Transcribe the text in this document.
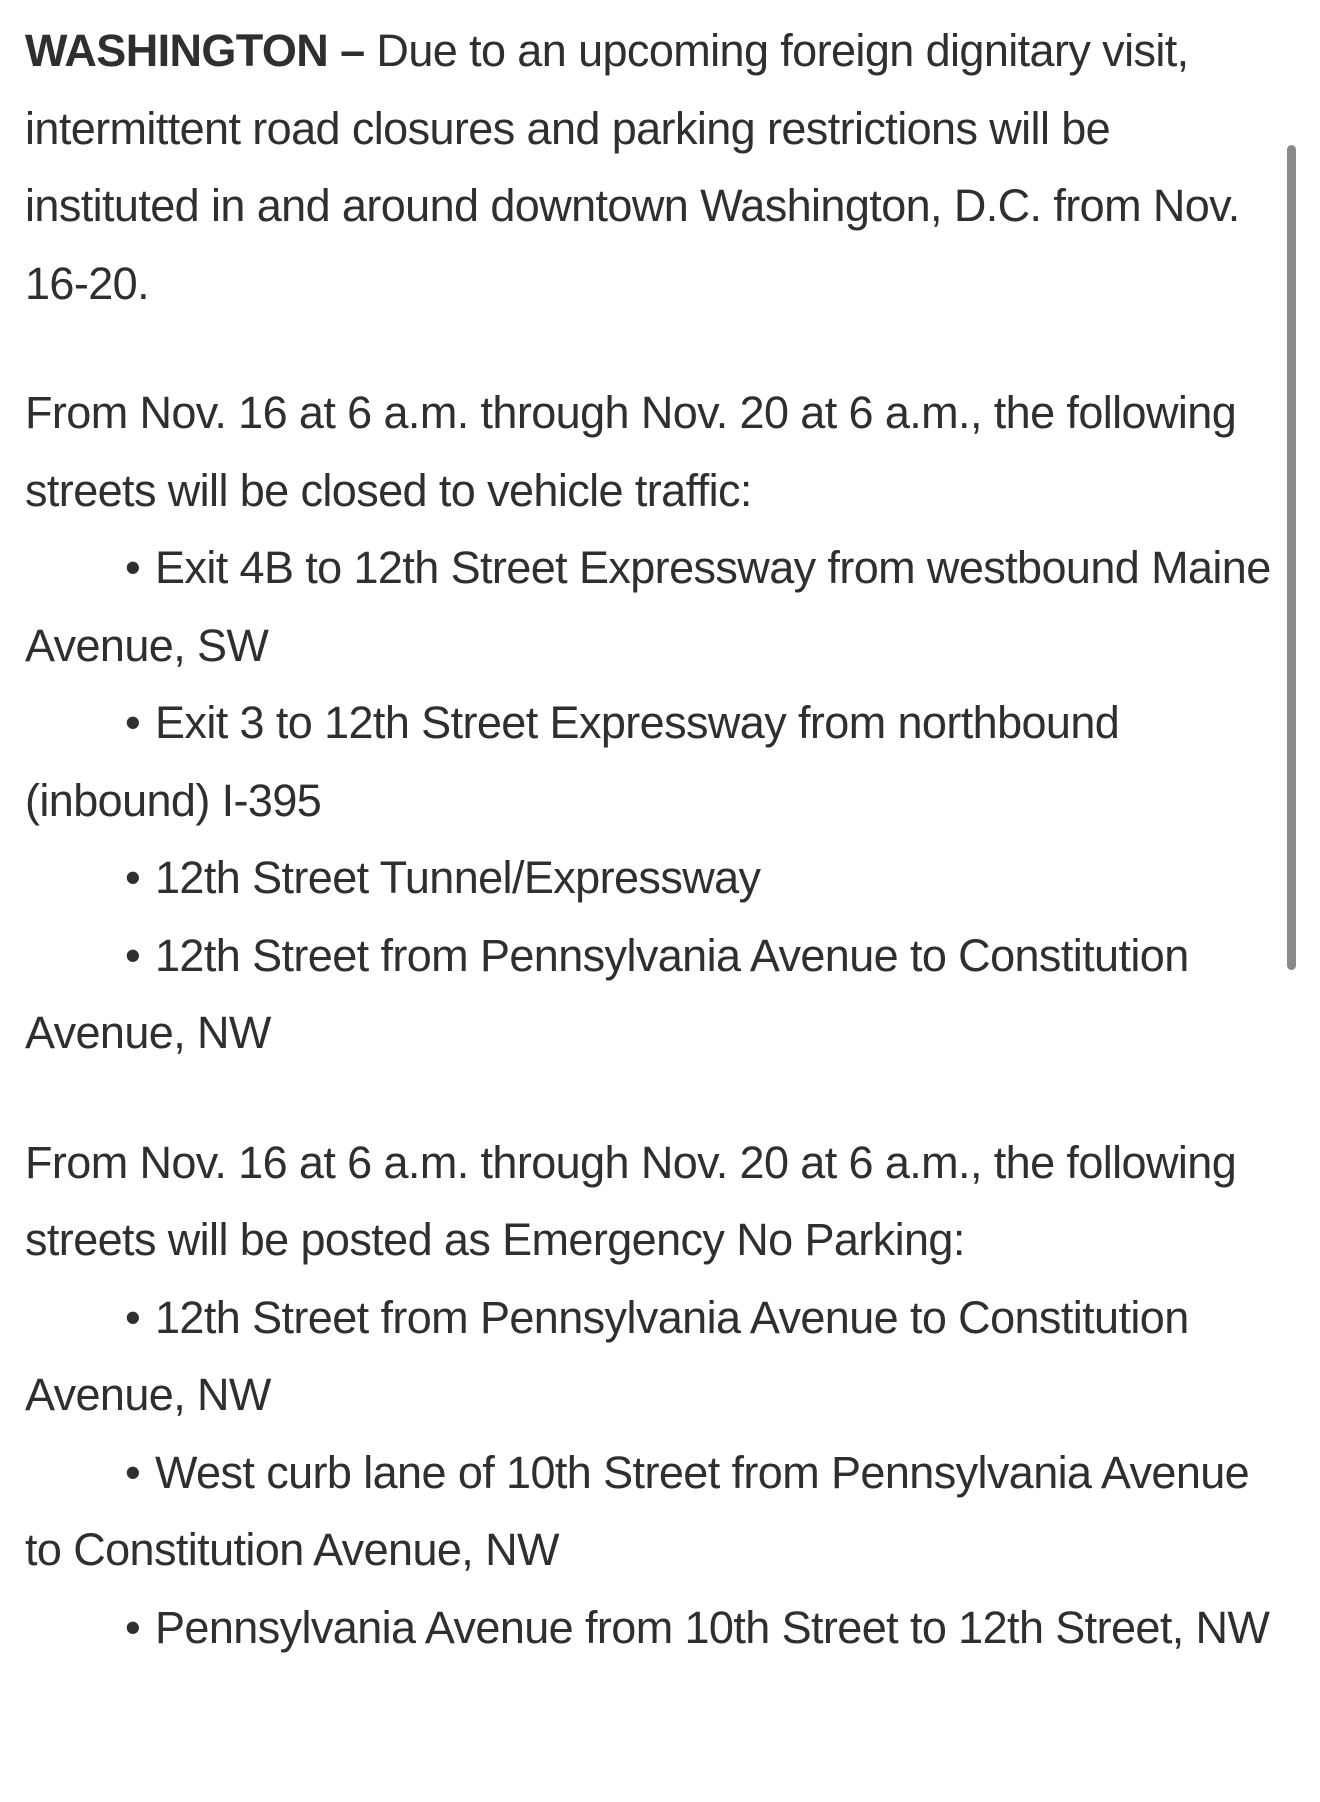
WASHINGTON – Due to an upcoming foreign dignitary visit, intermittent road closures and parking restrictions will be instituted in and around downtown Washington, D.C. from Nov. 16-20.

From Nov. 16 at 6 a.m. through Nov. 20 at 6 a.m., the following streets will be closed to vehicle traffic:

• Exit 4B to 12th Street Expressway from westbound Maine Avenue, SW

• Exit 3 to 12th Street Expressway from northbound (inbound) I-395

• 12th Street Tunnel/Expressway

• 12th Street from Pennsylvania Avenue to Constitution Avenue, NW

From Nov. 16 at 6 a.m. through Nov. 20 at 6 a.m., the following streets will be posted as Emergency No Parking:

• 12th Street from Pennsylvania Avenue to Constitution Avenue, NW

• West curb lane of 10th Street from Pennsylvania Avenue to Constitution Avenue, NW

• Pennsylvania Avenue from 10th Street to 12th Street, NW
